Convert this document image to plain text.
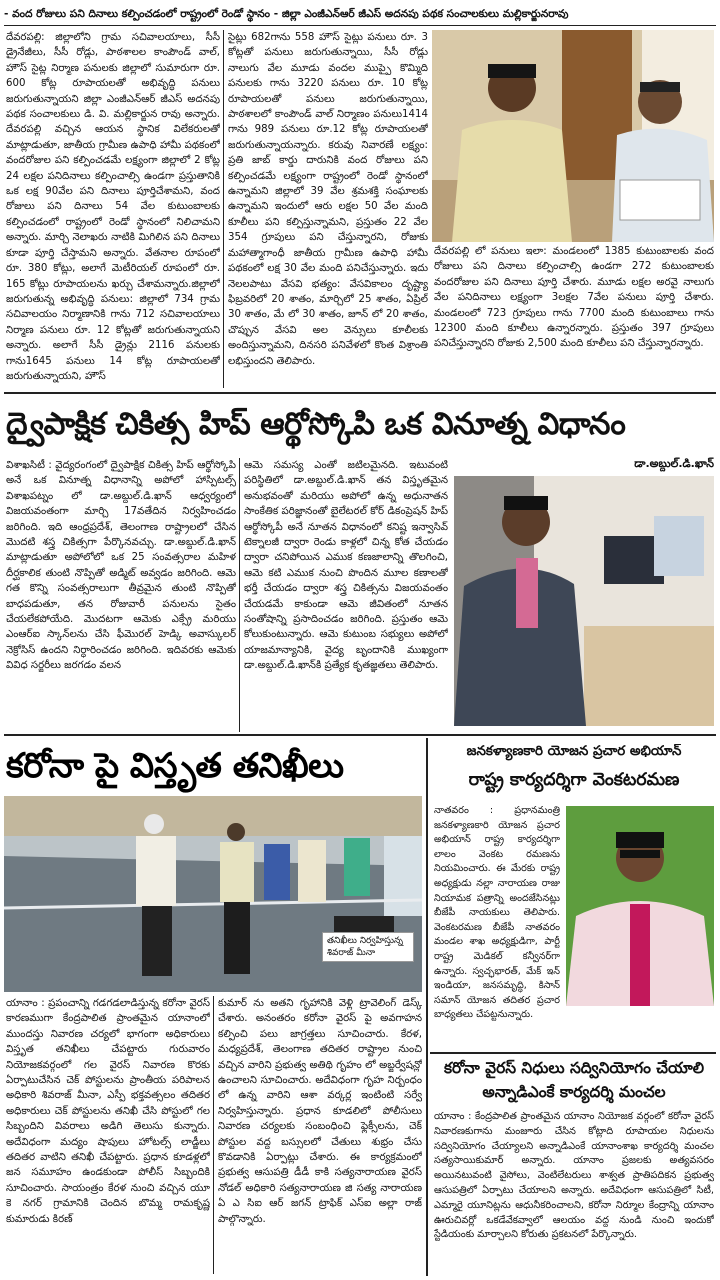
- వంద రోజులు పని దినాలు కల్పించడంలో రాష్ట్రంలో రెండో స్థానం - జిల్లా ఎంజీఎన్ఆర్ జీఎస్ అదనపు పథక సంచాలకులు మల్లికార్జునరావు
దేవరపల్లి: జిల్లాలోని గ్రామ సచివాలయాలు, సీసీ డ్రైనేజీలు, సీసీ రోడ్లు, పాఠశాలల కాంపౌండ్ వాల్, హౌస్ సైట్ల నిర్మాణ పనులకు జిల్లాలో సుమారుగా రూ. 600 కోట్ల రూపాయలతో అభివృద్ధి పనులు జరుగుతున్నాయని జిల్లా ఎంజీఎన్ఆర్ జీఎస్ అదనపు పథక సంచాలకులు డి. వి. మల్లికార్జున రావు అన్నారు. దేవరపల్లి వచ్చిన ఆయన స్థానిక విలేకరులతో మాట్లాడుతూ, జాతీయ గ్రామీణ ఉపాధి హామీ పథకంలో వందరోజుల పని కల్పించడమే లక్ష్యంగా జిల్లాలో 2 కోట్ల 24 లక్షల పనిదినాలు కల్పించాల్సి ఉండగా ప్రస్తుతానికి ఒక లక్ష 90వేల పని దినాలు పూర్తిచేశామని, వంద రోజులు పని దినాలు 54 వేల కుటుంబాలకు కల్పించడంలో రాష్ట్రంలో రెండో స్థానంలో నిలిచామని అన్నారు. మార్చి నెలాఖరు నాటికి మిగిలిన పని దినాలు కూడా పూర్తి చేస్తామని అన్నారు. వేతనాల రూపంలో రూ. 380 కోట్లు, అలాగే మెటీరియల్ రూపంలో రూ. 165 కోట్లు రూపాయలను ఖర్చు చేశామన్నారు.జిల్లాలో జరుగుతున్న అభివృద్ధి పనులు: జిల్లాలో 734 గ్రామ సచివాలయం నిర్మాణానికి గాను 712 సచివాలయాలు నిర్మాణ పనులు రూ. 12 కోట్లతో జరుగుతున్నాయని అన్నారు. అలాగే సీసీ డ్రైన్లు 2116 పనులకు గాను1645 పనులు 14 కోట్ల రూపాయలతో జరుగుతున్నాయని, హౌస్
సైట్లు 682గాను 558 హౌస్ సైట్లు పనులు రూ. 3 కోట్లతో పనులు జరుగుతున్నాయి, సీసీ రోడ్లు నాలుగు వేల మూడు వందల ముప్పై కొమ్మిది పనులకు గాను 3220 పనులు రూ. 10 కోట్ల రూపాయలతో పనులు జరుగుతున్నాయి, పాఠశాలలో కాంపౌండ్ వాల్ నిర్మాణం పనులు1414 గాను 989 పనులు రూ.12 కోట్ల రూపాయలతో జరుగుతున్నాయన్నారు. కరువు నివారణే లక్ష్యం: ప్రతి జాబ్ కార్డు దారునికి వంద రోజులు పని కల్పించడమే లక్ష్యంగా రాష్ట్రంలో రెండో స్థానంలో ఉన్నామని జిల్లాలో 39 వేల శ్రమశక్తి సంఘాలకు ఉన్నామని ఇందులో ఆరు లక్షల 50 వేల మంది కూలీలు పని కల్పిస్తున్నామని, ప్రస్తుతం 22 వేల 354 గ్రూపులు పని చేస్తున్నారని, రోజుకు మహాత్మాగాంధీ జాతీయ గ్రామీణ ఉపాధి హామీ పథకంలో లక్ష 30 వేల మంది పనిచేస్తున్నారు. ఇదు నెలలపాటు వేసవి భత్యం: వేసవికాలం దృష్ట్యా ఫిబ్రవరిలో 20 శాతం, మార్చిలో 25 శాతం, ఏప్రిల్ 30 శాతం, మే లో 30 శాతం, జూన్ లో 20 శాతం, చొప్పున వేసవి అల వెన్సులు కూలీలకు అందిస్తున్నామని, దినసరి పనివేళలో కొంత విశ్రాంతి లభిస్తుందని తెలిపారు.
దేవరపల్లి లో పనులు ఇలా: మండలంలో 1385 కుటుంబాలకు వంద రోజులు పని దినాలు కల్పించాల్సి ఉండగా 272 కుటుంబాలకు వందరోజుల పని దినాలు పూర్తి చేశారు. మూడు లక్షల అరవై నాలుగు వేల పనిదినాలు లక్ష్యంగా 3లక్షల 7వేల పనులు పూర్తి చేశారు. మండలంలో 723 గ్రూపులు గాను 7700 మంది కుటుంబాలు గాను 12300 మంది కూలీలు ఉన్నారన్నారు. ప్రస్తుతం 397 గ్రూపులు పనిచేస్తున్నారని రోజుకు 2,500 మంది కూలీలు పని చేస్తున్నారన్నారు.
ద్వైపాక్షిక చికిత్స హిప్ ఆర్థోస్కోపి ఒక వినూత్న విధానం
డా.అబ్దుల్.డి.ఖాన్
విశాఖసిటీ : వైద్యరంగంలో ద్వైపాక్షిక చికిత్స హిప్ ఆర్థోస్కోపి అనే ఒక వినూత్న విధానాన్ని అపోలో హాస్పిటల్స్ విశాఖపట్నం లో డా.అబ్దుల్.డి.ఖాన్ ఆధ్వర్యంలో విజయవంతంగా మార్చి 17వతేదిన నిర్వహించడం జరిగింది. ఇది ఆంధ్రప్రదేశ్, తెలంగాణ రాష్ట్రాలలో చేసిన మొదటి శస్త్ర చికిత్సగా పేర్కొనవచ్చు. డా.అబ్దుల్.డి.ఖాన్ మాట్లాడుతూ అపోలోలో ఒక 25 సంవత్సరాల మహిళ దీర్ఘకాలిక తుంటి నొప్పితో అడ్మిట్ అవ్వడం జరిగింది. ఆమె గత కొన్ని సంవత్సరాలుగా తీవ్రమైన తుంటి నొప్పితో బాధపడుతూ, తన రోజువారీ పనులను సైతం చేయలేకపోయేది. మొదటగా ఆమెకు ఎక్స్రే మరియు ఎంఆర్ఐ స్కాన్‌లను చేసి ఫీమొరల్ హెడ్కి అవాస్కులర్ నెక్రోసిస్ ఉందని నిర్ధారించడం జరిగింది. ఇదివరకు ఆమెకు వివిధ సర్జరీలు జరగడం వలన
ఆమె సమస్య ఎంతో జటిలమైనది. ఇటువంటి పరిస్థితిలో డా.అబ్దుల్.డి.ఖాన్ తన విస్తృతమైన అనుభవంతో మరియు అపోలో ఉన్న అధునాతన సాంకేతిక పరిజ్ఞానంతో బైలేటరల్ కోర్ డికంప్రెషన్ హిప్ ఆర్థోస్కోపీ అనే నూతన విధానంలో కనిష్ట ఇన్వాసివ్ టెక్నాలజీ ద్వారా రెండు కాళ్లలో చిన్న కోత చేయడం ద్వారా చనిపోయిన ఎముక కణజాలాన్ని తొలగించి, ఆమె కటి ఎముక నుంచి పొందిన మూల కణాలతో భర్తీ చేయడం ద్వారా శస్త్ర చికిత్సను విజయవంతం చేయడమే కాకుండా ఆమె జీవితంలో నూతన సంతోషాన్ని ప్రసాదించడం జరిగింది. ప్రస్తుతం ఆమె కోలుకుంటున్నారు. ఆమె కుటుంబ సభ్యులు అపోలో యాజమాన్యానికి, వైద్య బృందానికి ముఖ్యంగా డా.అబ్దుల్.డి.ఖాన్‌కి ప్రత్యేక కృతజ్ఞతలు తెలిపారు.
కరోనా పై విస్తృత తనిఖీలు
తనిఖీలు నిర్వహిస్తున్న శివరాజ్ మీనా
యానాం : ప్రపంచాన్ని గడగడలాడిస్తున్న కరోనా వైరస్ కారణముగా కేంద్రపాలిత ప్రాంతమైన యానాంలో ముందస్తు నివారణ చర్యలో భాగంగా అధికారులు విస్తృత తనిఖీలు చేపట్టారు గురువారం నియోజకవర్గంలో గల వైరస్ నివారణ కొరకు ఏర్పాటుచేసిన చెక్ పోస్టులను ప్రాంతీయ పరిపాలన అధికారి శివరాజ్ మీనా, ఎస్పీ భక్తవత్సలం తదితర అధికారులు చెక్ పోస్టులను తనిఖీ చేసి పోస్టులో గల సిబ్బందిని వివరాలు అడిగి తెలుసు కున్నారు. అదేవిధంగా మద్యం షాపులు హోటల్స్ లాడ్జీలు తదితర వాటిని తనిఖీ చేపట్టారు. ప్రధాన కూడళ్లలో జన సమూహం ఉండకుండా పోలీస్ సిబ్బందికి సూచించారు. సాయంత్రం కేరళ నుంచి వచ్చిన యూ కె నగర్ గ్రామానికి చెందిన బొమ్మ రామకృష్ణ కుమారుడు కిరణ్
కుమార్ ను అతని గృహానికి వెళ్లి ట్రావెలింగ్ డెస్క్ చేశారు. అనంతరం కరోనా వైరస్ పై అవగాహన కల్పించి పలు జాగ్రత్తలు సూచించారు. కేరళ, మధ్యప్రదేశ్, తెలంగాణ తదితర రాష్ట్రాల నుంచి వచ్చిన వారిని ప్రభుత్వ అతిథి గృహం లో అబ్జర్వేషన్లో ఉంచాలని సూచించారు. అదేవిధంగా గృహ నిర్బంధం లో ఉన్న వారిని ఆశా వర్కర్ల ఇంటింటి సర్వే నిర్వహిస్తున్నారు. ప్రధాన కూడలిలో పోలీసులు నివారణ చర్యలకు సంబంధించి ఫ్లెక్సీలను, చెక్ పోస్టుల వద్ద బస్సులలో చేతులు శుభ్రం చేసు కొవడానికి ఏర్పాట్లు చేశారు. ఈ కార్యక్రమంలో ప్రభుత్వ ఆసుపత్రి డీడీ కాకి సత్యనారాయణ వైరస్ నోడల్ అధికారి సత్యనారాయణ జి సత్య నారాయణ ఏ ఎ సిఐ ఆర్ జగన్ ట్రాఫిక్ ఎస్ఐ అల్లా రాజ్ పాల్గొన్నారు.
జనకళ్యాణకారి యోజన ప్రచార అభియాన్
రాష్ట్ర కార్యదర్శిగా వెంకటరమణ
నాతవరం : ప్రధానమంత్రి జనకళ్యాణకారి యోజన ప్రచార అభియాన్ రాష్ట్ర కార్యదర్శిగా లాలం వెంకట రమణను నియమించారు. ఈ మేరకు రాష్ట్ర అధ్యక్షుడు నల్లా నారాయణ రాజు నియామక పత్రాన్ని అందజేసినట్లు బీజేపీ నాయకులు తెలిపారు. వెంకటరమణ బీజేపీ నాతవరం మండల శాఖ అధ్యక్షుడిగా, పార్టీ రాష్ట్ర మెడికల్ కన్వీనర్‌గా ఉన్నారు. స్వచ్ఛభారత్, మేక్ ఇన్ ఇండియా, జనసమృద్ధి, కిసాన్ సమాన్ యోజన తదితర ప్రచార బాధ్యతలు చేపట్టనున్నారు.
కరోనా వైరస్ నిధులు సద్వినియోగం చేయాలి అన్నాడిఎంకే కార్యదర్శి మంచల
యానాం : కేంద్రపాలిత ప్రాంతమైన యానాం నియోజక వర్గంలో కరోనా వైరస్ నివారణకుగాను మంజూరు చేసిన కోట్లాది రూపాయల నిధులను సద్వినియోగం చేయ్యాలని అన్నాడిఎంకే యానాంశాఖ కార్యదర్శి మంచల సత్యసాయికుమార్ అన్నారు. యానాం ప్రజలకు అత్యవసరం అయినటువంటి వైసోలు, వెంటిలేటరులు శాశ్వత ప్రాతిపదికన ప్రభుత్వ ఆసుపత్రిలో ఏర్పాటు చేయాలని అన్నారు. అదేవిధంగా ఆసుపత్రిలో సిటీ, ఎమ్మారై యూనిట్లను ఆధునీకరించాలని, కరోనా నిర్మూల కేంద్రాన్ని యానాం ఊరుచివర్లో ఒకడేవేకవ్వాలో ఆలయం వద్ద నుండి నుంచి ఇందుకో స్టేడియంకు మార్చాలని కోరుతు ప్రకటనలో పేర్కొన్నారు.
